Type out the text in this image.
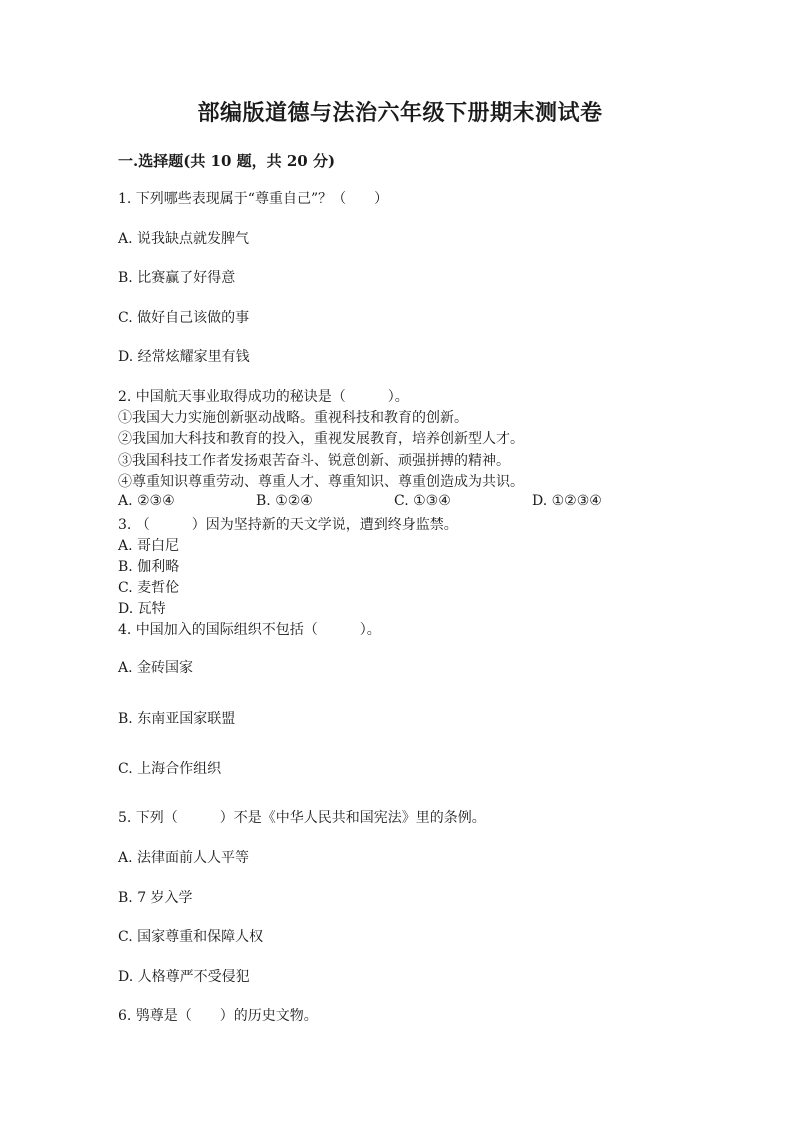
部编版道德与法治六年级下册期末测试卷
一.选择题(共 10 题，共 20 分)
1. 下列哪些表现属于“尊重自己”？（　　）
A. 说我缺点就发脾气
B. 比赛赢了好得意
C. 做好自己该做的事
D. 经常炫耀家里有钱
2. 中国航天事业取得成功的秘诀是（　　　）。
①我国大力实施创新驱动战略。重视科技和教育的创新。
②我国加大科技和教育的投入，重视发展教育，培养创新型人才。
③我国科技工作者发扬艰苦奋斗、锐意创新、顽强拼搏的精神。
④尊重知识尊重劳动、尊重人才、尊重知识、尊重创造成为共识。
A. ②③④	B. ①②④	C. ①③④	D. ①②③④
3. （　　　）因为坚持新的天文学说，遭到终身监禁。
A. 哥白尼
B. 伽利略
C. 麦哲伦
D. 瓦特
4. 中国加入的国际组织不包括（　　　）。
A. 金砖国家
B. 东南亚国家联盟
C. 上海合作组织
5. 下列（　　　）不是《中华人民共和国宪法》里的条例。
A. 法律面前人人平等
B. 7 岁入学
C. 国家尊重和保障人权
D. 人格尊严不受侵犯
6. 鸮尊是（　　）的历史文物。
